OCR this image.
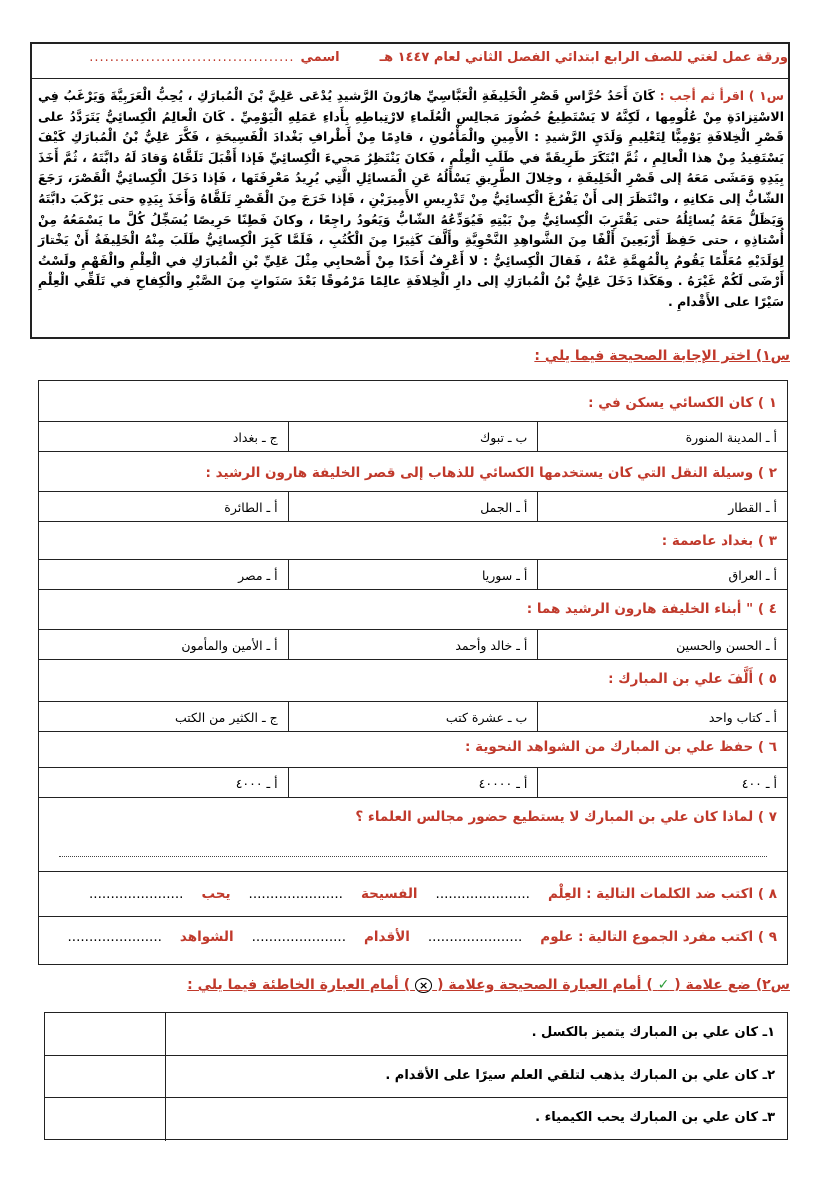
ورقة عمل لغتي للصف الرابع ابتدائي الفصل الثاني لعام ١٤٤٧ هـ
اسمي
........................................
س١ ) اقرأ ثم أجب : كَانَ أَحَدُ حُرَّاسِ قَصْرِ الْخَلِيفَةِ الْعَبَّاسِيِّ هارُونَ الرَّشيدِ يُدْعَى عَلِيَّ بْنَ الْمُبارَكِ ، يُحِبُّ الْعَرَبِيَّةَ وَيَرْغَبُ فِي الاسْتِزادَةِ مِنْ عُلُومِها ، لَكِنَّهُ لا يَسْتَطِيعُ حُضُورَ مَجالِسِ الْعُلَماءِ لارْتِباطِهِ بِأَداءِ عَمَلِهِ الْيَوْمِيِّ . كَانَ الْعالِمُ الْكِسائِيُّ يَتَرَدَّدُ على قَصْرِ الْخِلافَةِ يَوْمِيًّا لِتَعْلِيمِ وَلَدَيِ الرَّشيدِ : الأَمِينِ والْمَأْمُونِ ، قادِمًا مِنْ أَطْرافِ بَغْدادَ الْفَسِيحَةِ ، فَكَّرَ عَلِيُّ بْنُ الْمُبارَكِ كَيْفَ يَسْتَفِيدُ مِنْ هذا الْعالِمِ ، ثُمَّ ابْتَكَرَ طَرِيقَةً في طَلَبِ الْعِلْمِ ، فَكانَ يَنْتَظِرُ مَجيءَ الْكِسائِيِّ فَإذا أَقْبَلَ تَلَقَّاهُ وَقادَ لَهُ دابَّتَهُ ، ثُمَّ أَخَذَ بِيَدِهِ وَمَشَى مَعَهُ إلى قَصْرِ الْخَلِيفَةِ ، وخِلالَ الطَّرِيقِ يَسْأَلُهُ عَنِ الْمَسائِلِ الَّتِي يُرِيدُ مَعْرِفَتَها ، فَإذا دَخَلَ الْكِسائِيُّ الْقَصْرَ، رَجَعَ الشّابُّ إلى مَكانِهِ ، وانْتَظَرَ إلى أَنْ يَفْرُغَ الْكِسائِيُّ مِنْ تَدْرِيسِ الأَمِيرَيْنِ ، فَإذا خَرَجَ مِنَ الْقَصْرِ تَلَقَّاهُ وَأَخَذَ بِيَدِهِ حتى يَرْكَبَ دابَّتَهُ وَيَظَلُّ مَعَهُ يُسائِلُهُ حتى يَقْتَرِبَ الْكِسائِيُّ مِنْ بَيْتِهِ فَيُوَدِّعُهُ الشّابُّ وَيَعُودُ راجِعًا ، وكانَ فَطِنًا حَرِيصًا يُسَجِّلُ كُلَّ ما يَسْمَعُهُ مِنْ أُسْتاذِهِ ، حتى حَفِظَ أَرْبَعِينَ أَلْفًا مِنَ الشَّواهِدِ النَّحْوِيَّةِ وأَلَّفَ كَثِيرًا مِنَ الْكُتُبِ ، فَلَمَّا كَبِرَ الْكِسائِيُّ طَلَبَ مِنْهُ الْخَلِيفَةُ أَنْ يَخْتارَ لِوَلَدَيْهِ مُعَلِّمًا يَقُومُ بِالْمُهِمَّةِ عَنْهُ ، فَقالَ الْكِسائِيُّ : لا أَعْرِفُ أَحَدًا مِنْ أَصْحابِي مِثْلَ عَلِيِّ بْنِ الْمُبارَكِ في الْعِلْمِ والْفَهْمِ ولَسْتُ أَرْضَى لَكُمْ غَيْرَهُ . وهَكَذا دَخَلَ عَلِيُّ بْنُ الْمُبارَكِ إلى دارِ الْخِلافَةِ عالِمًا مَرْمُوقًا بَعْدَ سَنَواتٍ مِنَ الصَّبْرِ والْكِفاحِ في تَلَقِّي الْعِلْمِ سَيْرًا على الأَقْدامِ .
س١) اختر الإجابة الصحيحة فيما يلي :
١ ) كان الكسائي يسكن في :
أ ـ المدينة المنورة
ب ـ تبوك
ج ـ بغداد
٢ ) وسيلة النقل التي كان يستخدمها الكسائي للذهاب إلى قصر الخليفة هارون الرشيد :
أ ـ القطار
أ ـ الجمل
أ ـ الطائرة
٣ ) بغداد عاصمة :
أ ـ العراق
أ ـ سوريا
أ ـ مصر
٤ ) " أبناء الخليفة هارون الرشيد هما :
أ ـ الحسن والحسين
أ ـ خالد وأحمد
أ ـ الأمين والمأمون
٥ ) أَلَّفَ علي بن المبارك :
أ ـ كتاب واحد
ب ـ عشرة كتب
ج ـ الكثير من الكتب
٦ ) حفظ علي بن المبارك من الشواهد النحوية :
أ ـ ٤٠٠
أ ـ ٤٠٠٠٠
أ ـ ٤٠٠٠
٧ ) لماذا كان علي بن المبارك لا يستطيع حضور مجالس العلماء ؟
٨ ) اكتب ضد الكلمات التالية : العِلْم
......................
الفسيحة
......................
يحب
......................
٩ ) اكتب مفرد الجموع التالية : علوم
......................
الأقدام
......................
الشواهد
......................
س٢) ضع علامة ( ✓ ) أمام العبارة الصحيحة وعلامة ( × ) أمام العبارة الخاطئة فيما يلي :
١ـ كان علي بن المبارك يتميز بالكسل .
٢ـ كان علي بن المبارك يذهب لتلقي العلم سيرًا على الأقدام .
٣ـ كان علي بن المبارك يحب الكيمياء .
